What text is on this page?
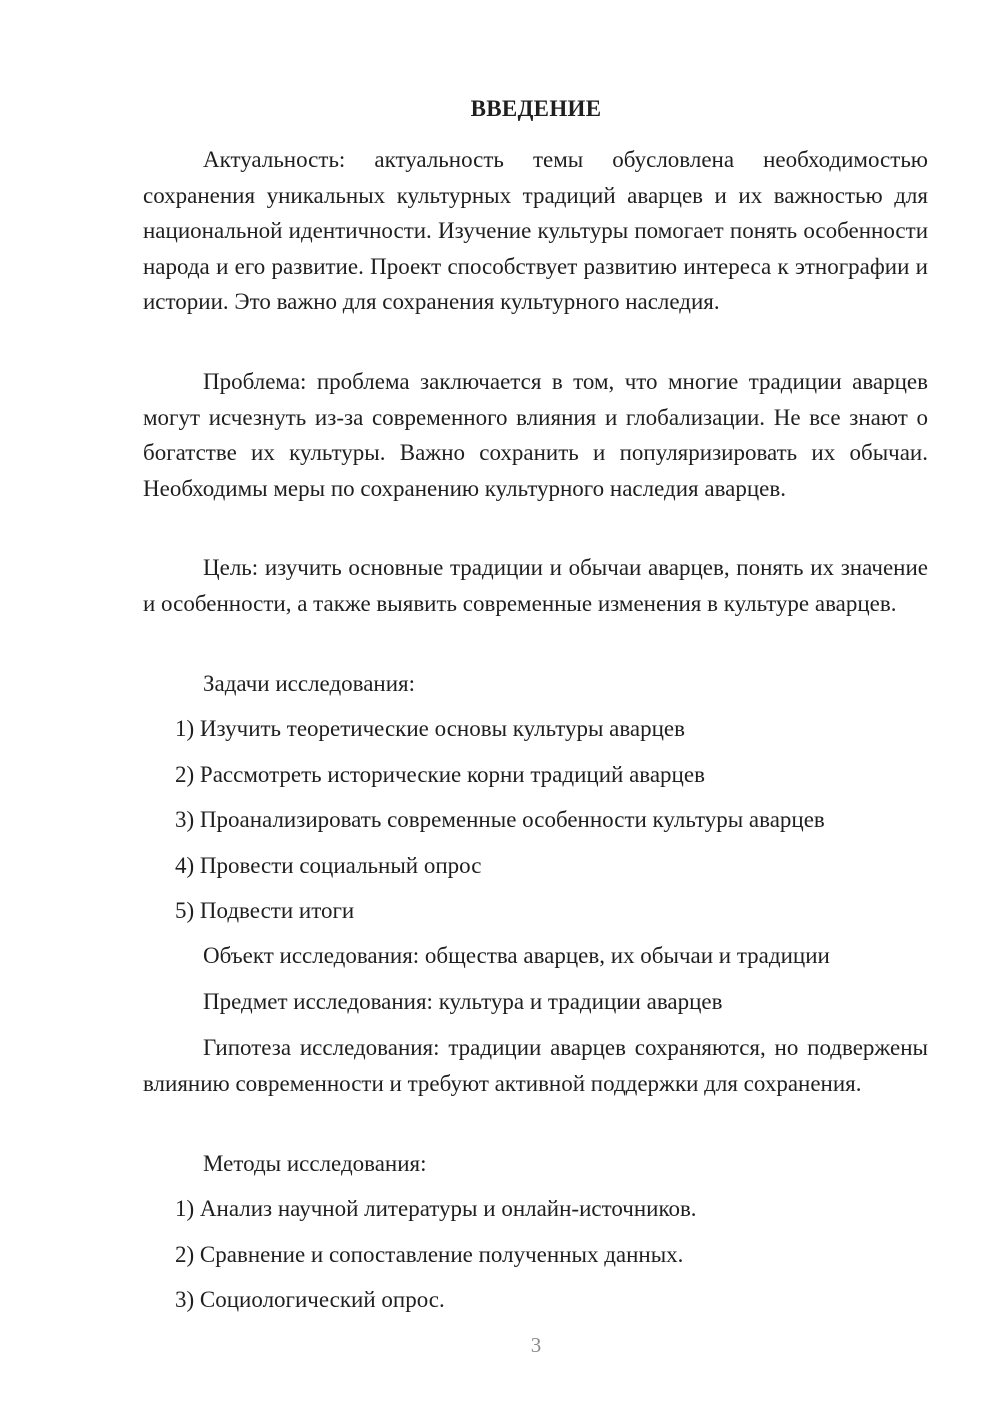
ВВЕДЕНИЕ

Актуальность: актуальность темы обусловлена необходимостью сохранения уникальных культурных традиций аварцев и их важностью для национальной идентичности. Изучение культуры помогает понять особенности народа и его развитие. Проект способствует развитию интереса к этнографии и истории. Это важно для сохранения культурного наследия.

Проблема: проблема заключается в том, что многие традиции аварцев могут исчезнуть из-за современного влияния и глобализации. Не все знают о богатстве их культуры. Важно сохранить и популяризировать их обычаи. Необходимы меры по сохранению культурного наследия аварцев.

Цель: изучить основные традиции и обычаи аварцев, понять их значение и особенности, а также выявить современные изменения в культуре аварцев.

Задачи исследования:

1) Изучить теоретические основы культуры аварцев

2) Рассмотреть исторические корни традиций аварцев

3) Проанализировать современные особенности культуры аварцев

4) Провести социальный опрос

5) Подвести итоги

Объект исследования: общества аварцев, их обычаи и традиции

Предмет исследования: культура и традиции аварцев

Гипотеза исследования: традиции аварцев сохраняются, но подвержены влиянию современности и требуют активной поддержки для сохранения.

Методы исследования:

1) Анализ научной литературы и онлайн-источников.

2) Сравнение и сопоставление полученных данных.

3) Социологический опрос.

3
